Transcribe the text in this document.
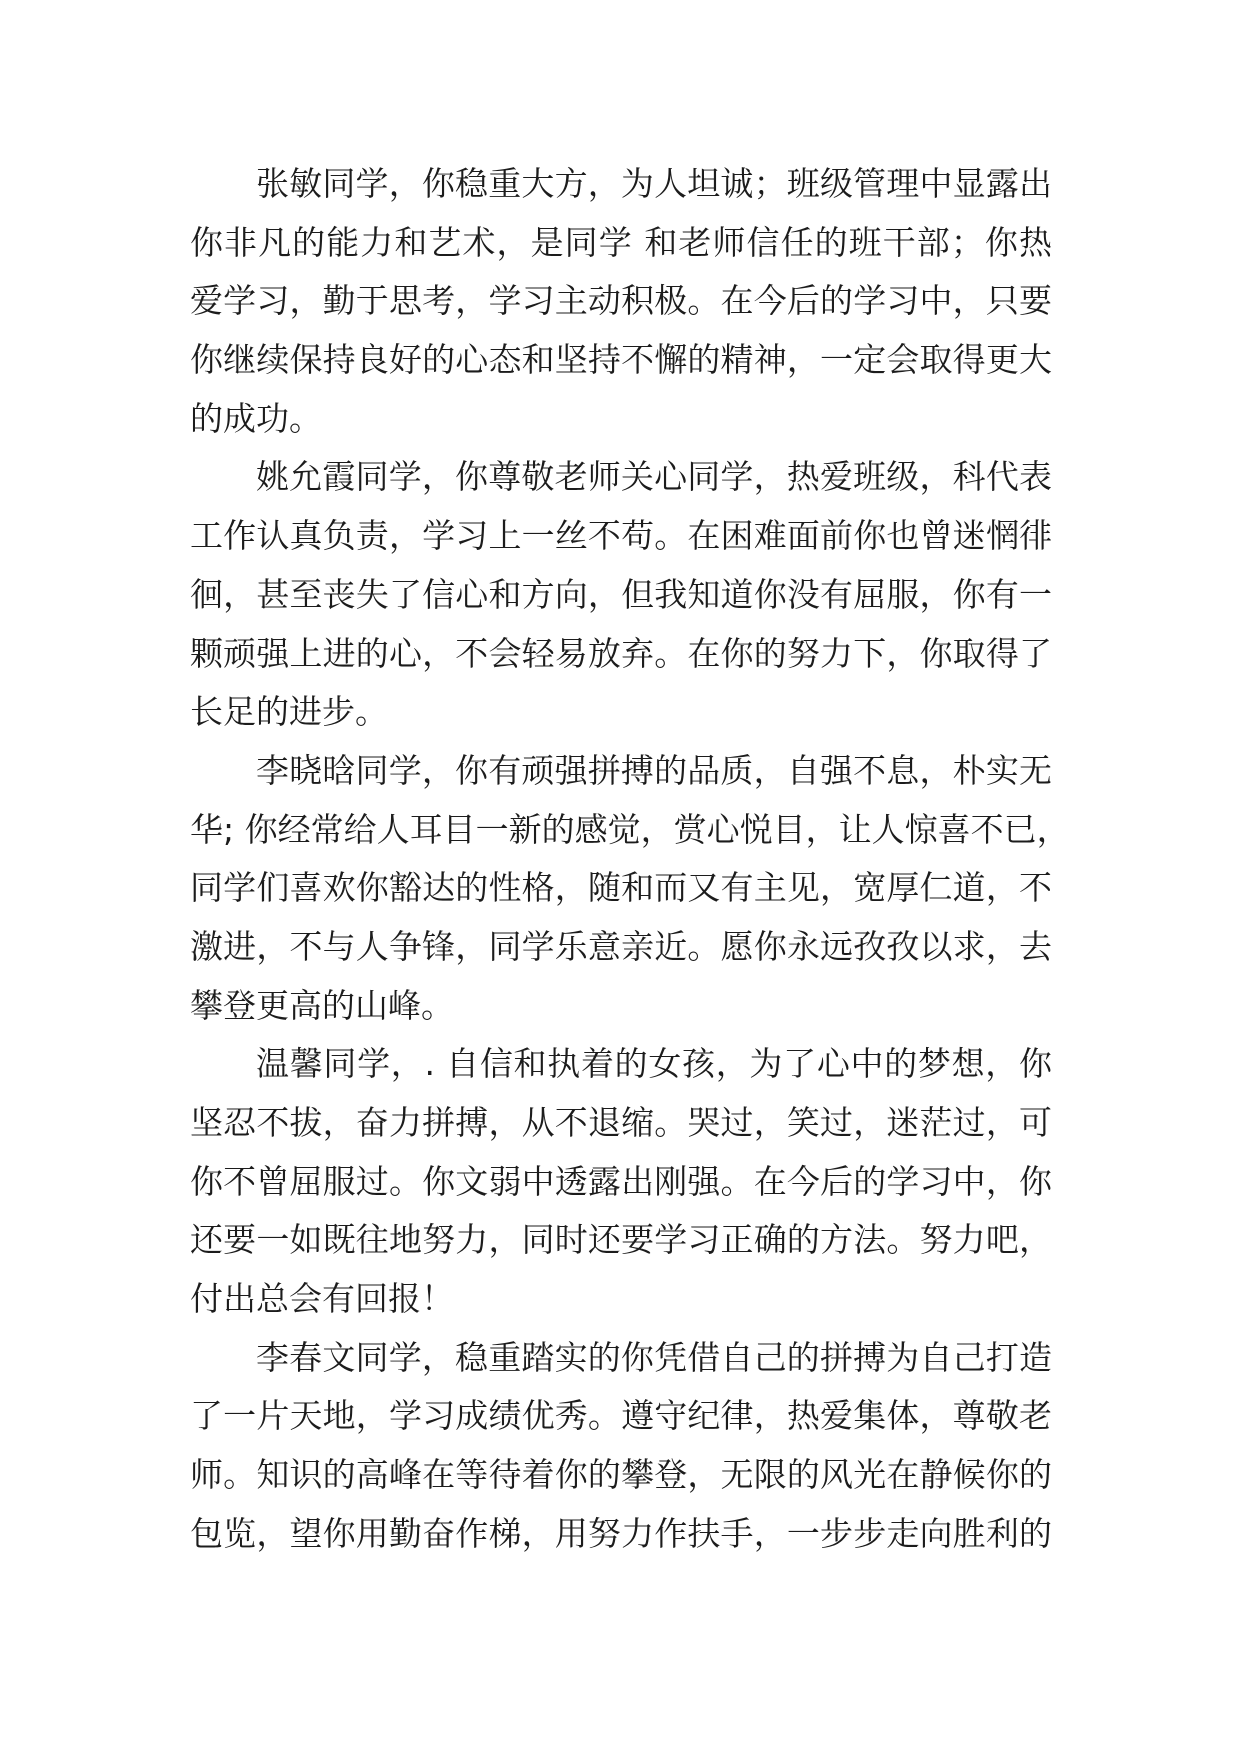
张敏同学，你稳重大方，为人坦诚；班级管理中显露出
你非凡的能力和艺术，是同学 和老师信任的班干部；你热
爱学习，勤于思考，学习主动积极。在今后的学习中，只要
你继续保持良好的心态和坚持不懈的精神，一定会取得更大
的成功。
姚允霞同学，你尊敬老师关心同学，热爱班级，科代表
工作认真负责，学习上一丝不苟。在困难面前你也曾迷惘徘
徊，甚至丧失了信心和方向，但我知道你没有屈服，你有一
颗顽强上进的心，不会轻易放弃。在你的努力下，你取得了
长足的进步。
李晓晗同学，你有顽强拼搏的品质，自强不息，朴实无
华; 你经常给人耳目一新的感觉，赏心悦目，让人惊喜不已，
同学们喜欢你豁达的性格，随和而又有主见，宽厚仁道，不
激进，不与人争锋，同学乐意亲近。愿你永远孜孜以求，去
攀登更高的山峰。
温馨同学，. 自信和执着的女孩，为了心中的梦想，你
坚忍不拔，奋力拼搏，从不退缩。哭过，笑过，迷茫过，可
你不曾屈服过。你文弱中透露出刚强。在今后的学习中，你
还要一如既往地努力，同时还要学习正确的方法。努力吧，
付出总会有回报！
李春文同学，稳重踏实的你凭借自己的拼搏为自己打造
了一片天地，学习成绩优秀。遵守纪律，热爱集体，尊敬老
师。知识的高峰在等待着你的攀登，无限的风光在静候你的
包览，望你用勤奋作梯，用努力作扶手，一步步走向胜利的
